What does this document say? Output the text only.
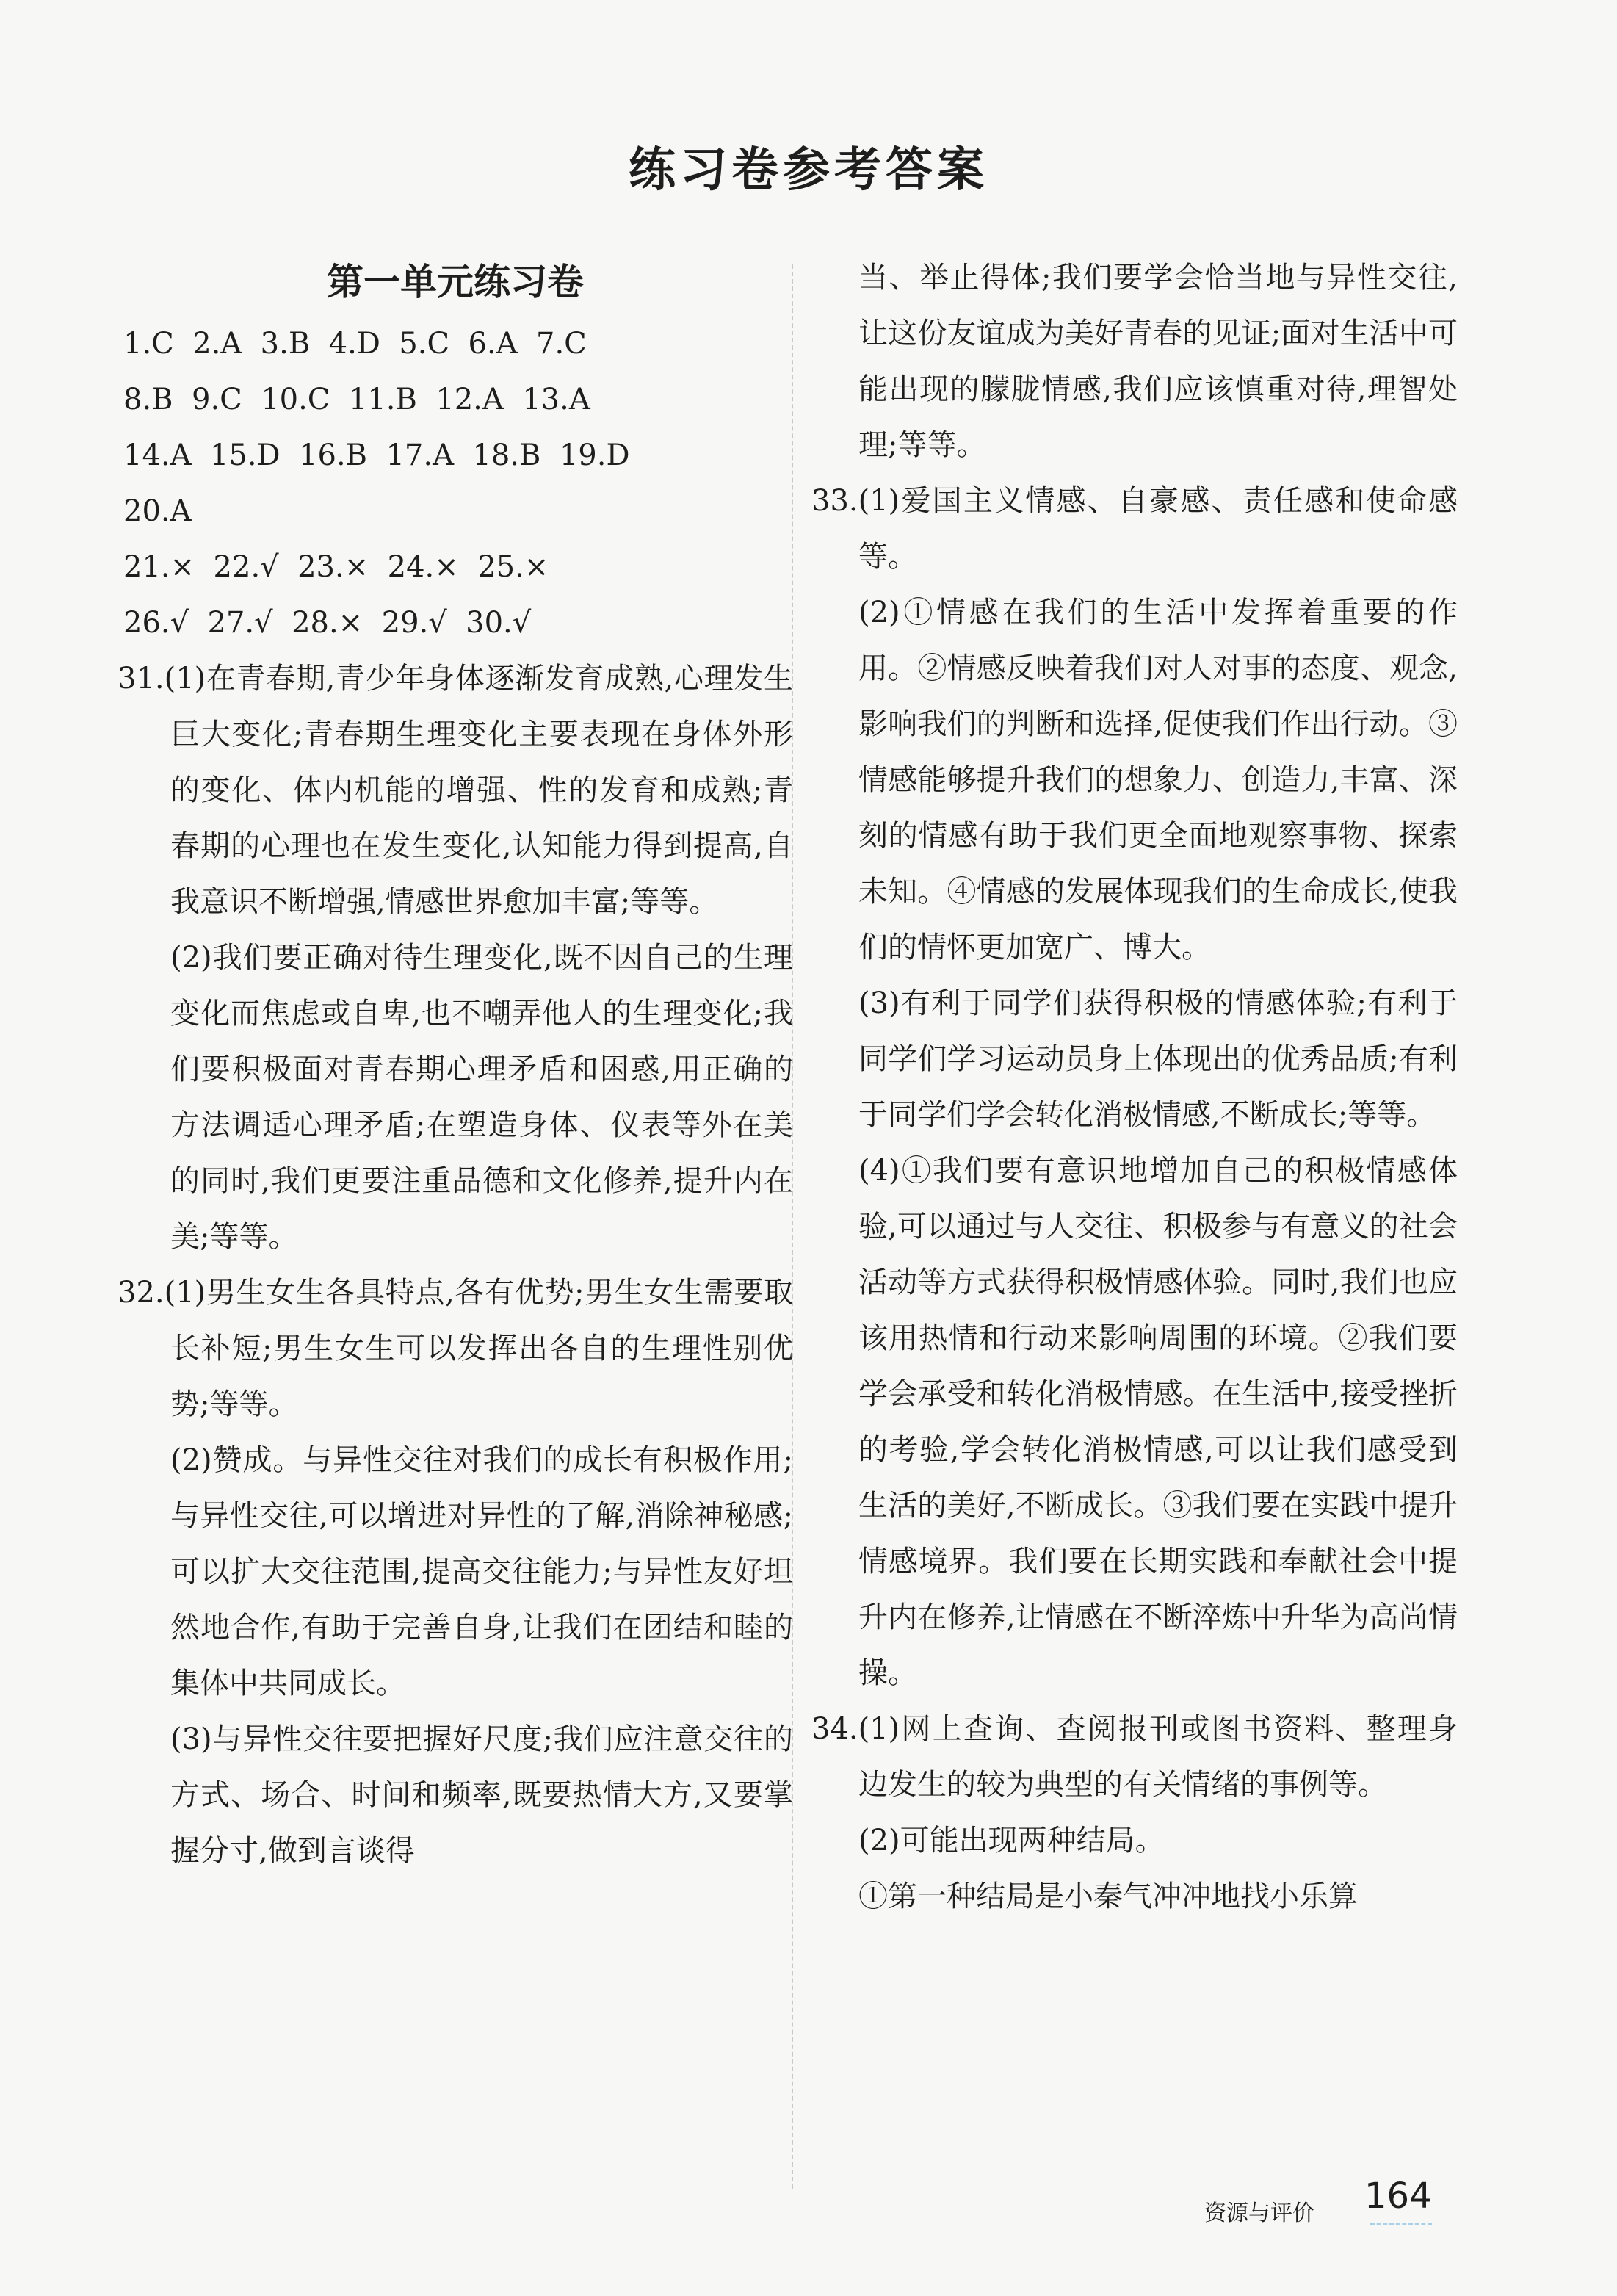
练习卷参考答案
第一单元练习卷
1.C  2.A  3.B  4.D  5.C  6.A  7.C
8.B  9.C  10.C  11.B  12.A  13.A
14.A  15.D  16.B  17.A  18.B  19.D
20.A
21.×  22.√  23.×  24.×  25.×
26.√  27.√  28.×  29.√  30.√
31.(1)在青春期,青少年身体逐渐发育成熟,心理发生巨大变化;青春期生理变化主要表现在身体外形的变化、体内机能的增强、性的发育和成熟;青春期的心理也在发生变化,认知能力得到提高,自我意识不断增强,情感世界愈加丰富;等等。
(2)我们要正确对待生理变化,既不因自己的生理变化而焦虑或自卑,也不嘲弄他人的生理变化;我们要积极面对青春期心理矛盾和困惑,用正确的方法调适心理矛盾;在塑造身体、仪表等外在美的同时,我们更要注重品德和文化修养,提升内在美;等等。
32.(1)男生女生各具特点,各有优势;男生女生需要取长补短;男生女生可以发挥出各自的生理性别优势;等等。
(2)赞成。与异性交往对我们的成长有积极作用;与异性交往,可以增进对异性的了解,消除神秘感;可以扩大交往范围,提高交往能力;与异性友好坦然地合作,有助于完善自身,让我们在团结和睦的集体中共同成长。
(3)与异性交往要把握好尺度;我们应注意交往的方式、场合、时间和频率,既要热情大方,又要掌握分寸,做到言谈得
当、举止得体;我们要学会恰当地与异性交往,让这份友谊成为美好青春的见证;面对生活中可能出现的朦胧情感,我们应该慎重对待,理智处理;等等。
33.(1)爱国主义情感、自豪感、责任感和使命感等。
(2)①情感在我们的生活中发挥着重要的作用。②情感反映着我们对人对事的态度、观念,影响我们的判断和选择,促使我们作出行动。③情感能够提升我们的想象力、创造力,丰富、深刻的情感有助于我们更全面地观察事物、探索未知。④情感的发展体现我们的生命成长,使我们的情怀更加宽广、博大。
(3)有利于同学们获得积极的情感体验;有利于同学们学习运动员身上体现出的优秀品质;有利于同学们学会转化消极情感,不断成长;等等。
(4)①我们要有意识地增加自己的积极情感体验,可以通过与人交往、积极参与有意义的社会活动等方式获得积极情感体验。同时,我们也应该用热情和行动来影响周围的环境。②我们要学会承受和转化消极情感。在生活中,接受挫折的考验,学会转化消极情感,可以让我们感受到生活的美好,不断成长。③我们要在实践中提升情感境界。我们要在长期实践和奉献社会中提升内在修养,让情感在不断淬炼中升华为高尚情操。
34.(1)网上查询、查阅报刊或图书资料、整理身边发生的较为典型的有关情绪的事例等。
(2)可能出现两种结局。
①第一种结局是小秦气冲冲地找小乐算
资源与评价 164
